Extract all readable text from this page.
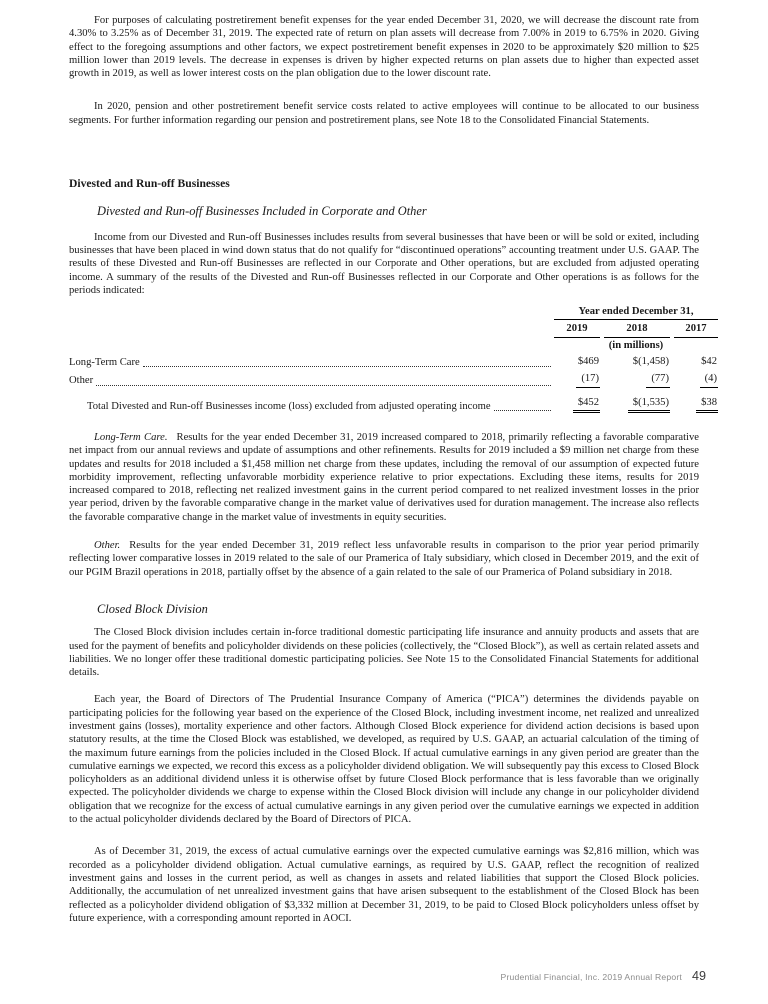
For purposes of calculating postretirement benefit expenses for the year ended December 31, 2020, we will decrease the discount rate from 4.30% to 3.25% as of December 31, 2019. The expected rate of return on plan assets will decrease from 7.00% in 2019 to 6.75% in 2020. Giving effect to the foregoing assumptions and other factors, we expect postretirement benefit expenses in 2020 to be approximately $20 million to $25 million lower than 2019 levels. The decrease in expenses is driven by higher expected returns on plan assets due to higher than expected asset growth in 2019, as well as lower interest costs on the plan obligation due to the lower discount rate.

In 2020, pension and other postretirement benefit service costs related to active employees will continue to be allocated to our business segments. For further information regarding our pension and postretirement plans, see Note 18 to the Consolidated Financial Statements.

Divested and Run-off Businesses
Divested and Run-off Businesses Included in Corporate and Other

Income from our Divested and Run-off Businesses includes results from several businesses that have been or will be sold or exited, including businesses that have been placed in wind down status that do not qualify for “discontinued operations” accounting treatment under U.S. GAAP. The results of these Divested and Run-off Businesses are reflected in our Corporate and Other operations, but are excluded from adjusted operating income. A summary of the results of the Divested and Run-off Businesses reflected in our Corporate and Other operations is as follows for the periods indicated:

Year ended December 31,
2019	2018	2017
(in millions)
Long-Term Care	$469	$(1,458)	$42
Other	(17)	(77)	(4)
Total Divested and Run-off Businesses income (loss) excluded from adjusted operating income	$452	$(1,535)	$38

Long-Term Care. Results for the year ended December 31, 2019 increased compared to 2018, primarily reflecting a favorable comparative net impact from our annual reviews and update of assumptions and other refinements. Results for 2019 included a $9 million net charge from these updates and results for 2018 included a $1,458 million net charge from these updates, including the removal of our assumption of expected future morbidity improvement, reflecting unfavorable morbidity experience relative to prior expectations. Excluding these items, results for 2019 increased compared to 2018, reflecting net realized investment gains in the current period compared to net realized investment losses in the prior year period, driven by the favorable comparative change in the market value of derivatives used for duration management. The increase also reflects the favorable comparative change in the market value of investments in equity securities.

Other. Results for the year ended December 31, 2019 reflect less unfavorable results in comparison to the prior year period primarily reflecting lower comparative losses in 2019 related to the sale of our Pramerica of Italy subsidiary, which closed in December 2019, and the exit of our PGIM Brazil operations in 2018, partially offset by the absence of a gain related to the sale of our Pramerica of Poland subsidiary in 2018.

Closed Block Division

The Closed Block division includes certain in-force traditional domestic participating life insurance and annuity products and assets that are used for the payment of benefits and policyholder dividends on these policies (collectively, the “Closed Block”), as well as certain related assets and liabilities. We no longer offer these traditional domestic participating policies. See Note 15 to the Consolidated Financial Statements for additional details.

Each year, the Board of Directors of The Prudential Insurance Company of America (“PICA”) determines the dividends payable on participating policies for the following year based on the experience of the Closed Block, including investment income, net realized and unrealized investment gains (losses), mortality experience and other factors. Although Closed Block experience for dividend action decisions is based upon statutory results, at the time the Closed Block was established, we developed, as required by U.S. GAAP, an actuarial calculation of the timing of the maximum future earnings from the policies included in the Closed Block. If actual cumulative earnings in any given period are greater than the cumulative earnings we expected, we record this excess as a policyholder dividend obligation. We will subsequently pay this excess to Closed Block policyholders as an additional dividend unless it is otherwise offset by future Closed Block performance that is less favorable than we originally expected. The policyholder dividends we charge to expense within the Closed Block division will include any change in our policyholder dividend obligation that we recognize for the excess of actual cumulative earnings in any given period over the cumulative earnings we expected in addition to the actual policyholder dividends declared by the Board of Directors of PICA.

As of December 31, 2019, the excess of actual cumulative earnings over the expected cumulative earnings was $2,816 million, which was recorded as a policyholder dividend obligation. Actual cumulative earnings, as required by U.S. GAAP, reflect the recognition of realized investment gains and losses in the current period, as well as changes in assets and related liabilities that support the Closed Block policies. Additionally, the accumulation of net unrealized investment gains that have arisen subsequent to the establishment of the Closed Block has been reflected as a policyholder dividend obligation of $3,332 million at December 31, 2019, to be paid to Closed Block policyholders unless offset by future experience, with a corresponding amount reported in AOCI.

Prudential Financial, Inc. 2019 Annual Report 49
